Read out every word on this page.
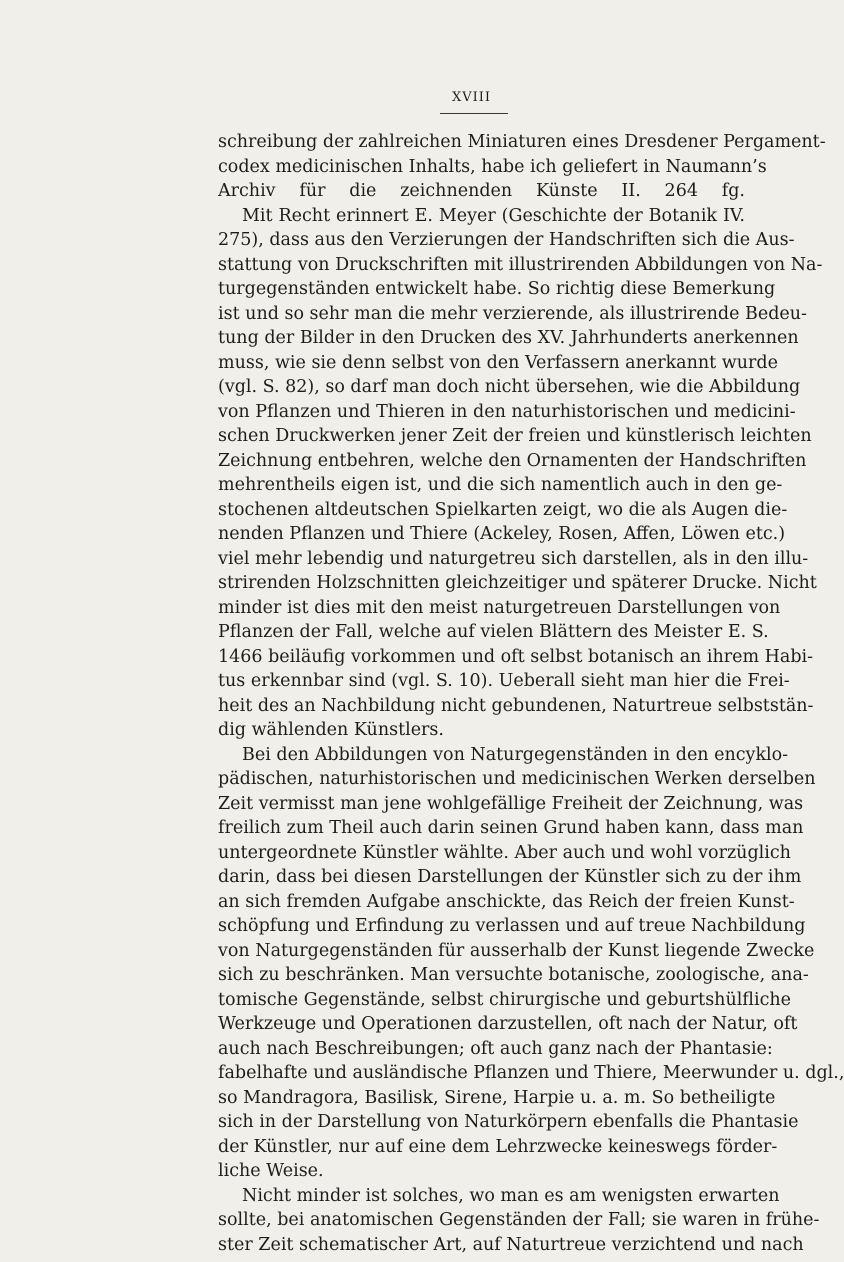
XVIII
schreibung der zahlreichen Miniaturen eines Dresdener Pergament-
codex medicinischen Inhalts, habe ich geliefert in Naumann’s
Archiv für die zeichnenden Künste II. 264 fg.
Mit Recht erinnert E. Meyer (Geschichte der Botanik IV.
275), dass aus den Verzierungen der Handschriften sich die Aus-
stattung von Druckschriften mit illustrirenden Abbildungen von Na-
turgegenständen entwickelt habe. So richtig diese Bemerkung
ist und so sehr man die mehr verzierende, als illustrirende Bedeu-
tung der Bilder in den Drucken des XV. Jahrhunderts anerkennen
muss, wie sie denn selbst von den Verfassern anerkannt wurde
(vgl. S. 82), so darf man doch nicht übersehen, wie die Abbildung
von Pflanzen und Thieren in den naturhistorischen und medicini-
schen Druckwerken jener Zeit der freien und künstlerisch leichten
Zeichnung entbehren, welche den Ornamenten der Handschriften
mehrentheils eigen ist, und die sich namentlich auch in den ge-
stochenen altdeutschen Spielkarten zeigt, wo die als Augen die-
nenden Pflanzen und Thiere (Ackeley, Rosen, Affen, Löwen etc.)
viel mehr lebendig und naturgetreu sich darstellen, als in den illu-
strirenden Holzschnitten gleichzeitiger und späterer Drucke. Nicht
minder ist dies mit den meist naturgetreuen Darstellungen von
Pflanzen der Fall, welche auf vielen Blättern des Meister E. S.
1466 beiläufig vorkommen und oft selbst botanisch an ihrem Habi-
tus erkennbar sind (vgl. S. 10). Ueberall sieht man hier die Frei-
heit des an Nachbildung nicht gebundenen, Naturtreue selbststän-
dig wählenden Künstlers.
Bei den Abbildungen von Naturgegenständen in den encyklo-
pädischen, naturhistorischen und medicinischen Werken derselben
Zeit vermisst man jene wohlgefällige Freiheit der Zeichnung, was
freilich zum Theil auch darin seinen Grund haben kann, dass man
untergeordnete Künstler wählte. Aber auch und wohl vorzüglich
darin, dass bei diesen Darstellungen der Künstler sich zu der ihm
an sich fremden Aufgabe anschickte, das Reich der freien Kunst-
schöpfung und Erfindung zu verlassen und auf treue Nachbildung
von Naturgegenständen für ausserhalb der Kunst liegende Zwecke
sich zu beschränken. Man versuchte botanische, zoologische, ana-
tomische Gegenstände, selbst chirurgische und geburtshülfliche
Werkzeuge und Operationen darzustellen, oft nach der Natur, oft
auch nach Beschreibungen; oft auch ganz nach der Phantasie:
fabelhafte und ausländische Pflanzen und Thiere, Meerwunder u. dgl.,
so Mandragora, Basilisk, Sirene, Harpie u. a. m. So betheiligte
sich in der Darstellung von Naturkörpern ebenfalls die Phantasie
der Künstler, nur auf eine dem Lehrzwecke keineswegs förder-
liche Weise.
Nicht minder ist solches, wo man es am wenigsten erwarten
sollte, bei anatomischen Gegenständen der Fall; sie waren in frühe-
ster Zeit schematischer Art, auf Naturtreue verzichtend und nach
